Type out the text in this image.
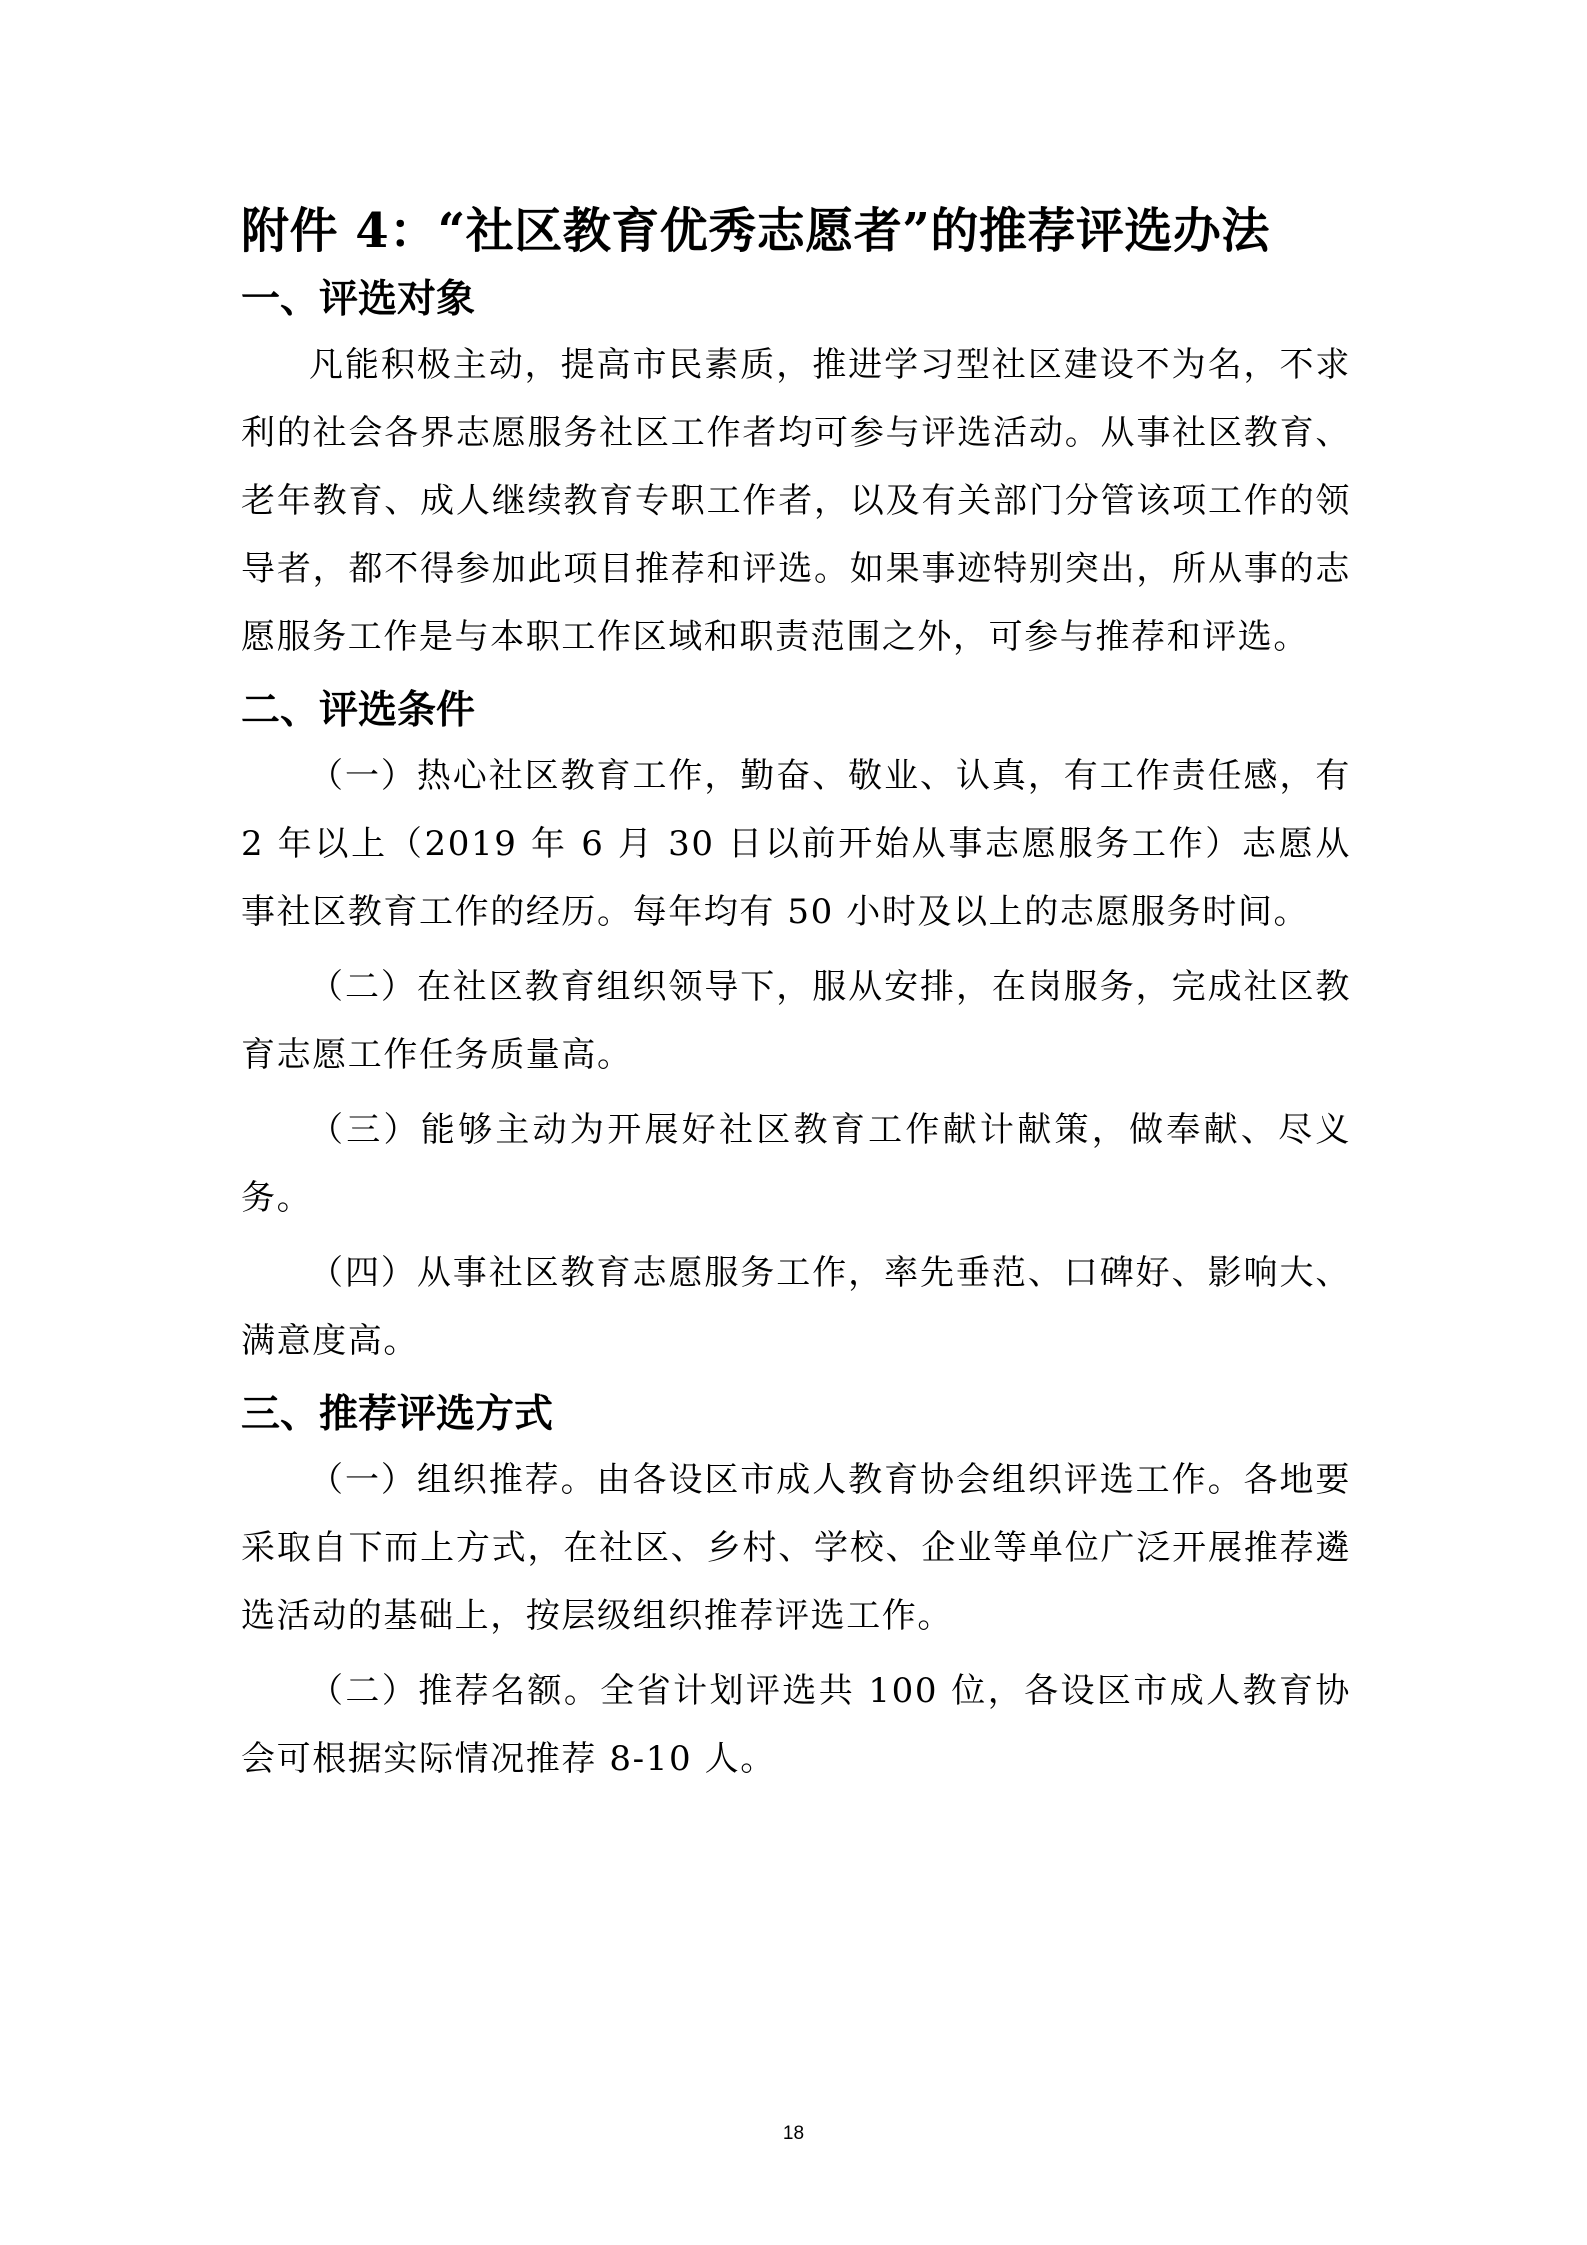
附件 4：“社区教育优秀志愿者”的推荐评选办法
一、评选对象

凡能积极主动，提高市民素质，推进学习型社区建设不为名，不求利的社会各界志愿服务社区工作者均可参与评选活动。从事社区教育、老年教育、成人继续教育专职工作者，以及有关部门分管该项工作的领导者，都不得参加此项目推荐和评选。如果事迹特别突出，所从事的志愿服务工作是与本职工作区域和职责范围之外，可参与推荐和评选。

二、评选条件

（一）热心社区教育工作，勤奋、敬业、认真，有工作责任感，有 2 年以上（2019 年 6 月 30 日以前开始从事志愿服务工作）志愿从事社区教育工作的经历。每年均有 50 小时及以上的志愿服务时间。

（二）在社区教育组织领导下，服从安排，在岗服务，完成社区教育志愿工作任务质量高。

（三）能够主动为开展好社区教育工作献计献策，做奉献、尽义务。

（四）从事社区教育志愿服务工作，率先垂范、口碑好、影响大、满意度高。

三、推荐评选方式

（一）组织推荐。由各设区市成人教育协会组织评选工作。各地要采取自下而上方式，在社区、乡村、学校、企业等单位广泛开展推荐遴选活动的基础上，按层级组织推荐评选工作。

（二）推荐名额。全省计划评选共 100 位，各设区市成人教育协会可根据实际情况推荐 8-10 人。

18
